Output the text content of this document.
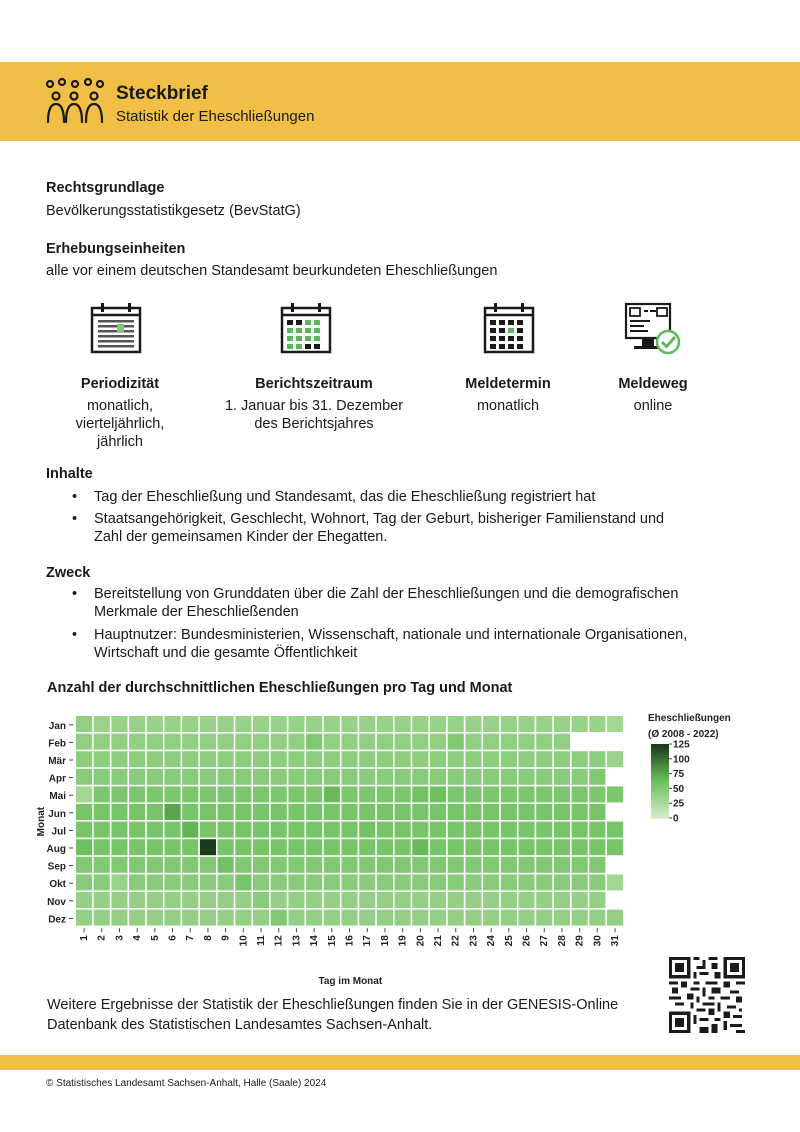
Steckbrief
Statistik der Eheschließungen
Rechtsgrundlage
Bevölkerungsstatistikgesetz (BevStatG)
Erhebungseinheiten
alle vor einem deutschen Standesamt beurkundeten Eheschließungen
Periodizität
monatlich,
vierteljährlich,
jährlich
Berichtszeitraum
1. Januar bis 31. Dezember
des Berichtsjahres
Meldetermin
monatlich
Meldeweg
online
Inhalte
• Tag der Eheschließung und Standesamt, das die Eheschließung registriert hat
• Staatsangehörigkeit, Geschlecht, Wohnort, Tag der Geburt, bisheriger Familienstand und Zahl der gemeinsamen Kinder der Ehegatten.
Zweck
• Bereitstellung von Grunddaten über die Zahl der Eheschließungen und die demografischen Merkmale der Eheschließenden
• Hauptnutzer: Bundesministerien, Wissenschaft, nationale und internationale Organisationen, Wirtschaft und die gesamte Öffentlichkeit
Anzahl der durchschnittlichen Eheschließungen pro Tag und Monat
Jan
Feb
Mär
Apr
Mai
Jun
Jul
Aug
Sep
Okt
Nov
Dez
1 2 3 4 5 6 7 8 9 10 11 12 13 14 15 16 17 18 19 20 21 22 23 24 25 26 27 28 29 30 31
Tag im Monat
Monat
Eheschließungen
(Ø 2008 - 2022)
125
100
75
50
25
0
Weitere Ergebnisse der Statistik der Eheschließungen finden Sie in der GENESIS-Online Datenbank des Statistischen Landesamtes Sachsen-Anhalt.
© Statistisches Landesamt Sachsen-Anhalt, Halle (Saale) 2024
